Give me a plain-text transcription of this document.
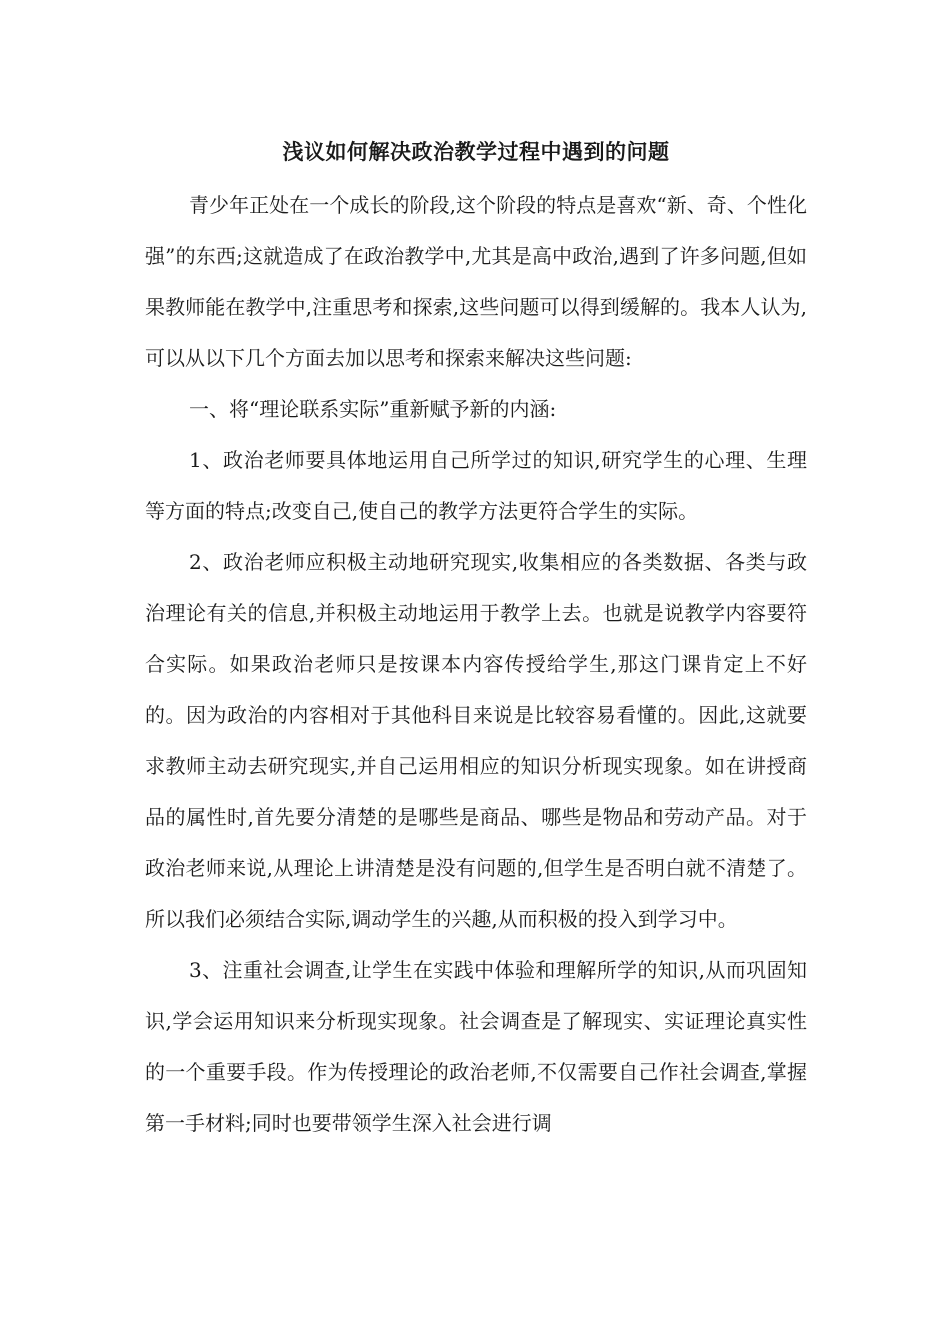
浅议如何解决政治教学过程中遇到的问题

青少年正处在一个成长的阶段,这个阶段的特点是喜欢“新、奇、个性化强”的东西;这就造成了在政治教学中,尤其是高中政治,遇到了许多问题,但如果教师能在教学中,注重思考和探索,这些问题可以得到缓解的。我本人认为,可以从以下几个方面去加以思考和探索来解决这些问题:

一、将“理论联系实际”重新赋予新的内涵:

1、政治老师要具体地运用自己所学过的知识,研究学生的心理、生理等方面的特点;改变自己,使自己的教学方法更符合学生的实际。

2、政治老师应积极主动地研究现实,收集相应的各类数据、各类与政治理论有关的信息,并积极主动地运用于教学上去。也就是说教学内容要符合实际。如果政治老师只是按课本内容传授给学生,那这门课肯定上不好的。因为政治的内容相对于其他科目来说是比较容易看懂的。因此,这就要求教师主动去研究现实,并自己运用相应的知识分析现实现象。如在讲授商品的属性时,首先要分清楚的是哪些是商品、哪些是物品和劳动产品。对于政治老师来说,从理论上讲清楚是没有问题的,但学生是否明白就不清楚了。所以我们必须结合实际,调动学生的兴趣,从而积极的投入到学习中。

3、注重社会调查,让学生在实践中体验和理解所学的知识,从而巩固知识,学会运用知识来分析现实现象。社会调查是了解现实、实证理论真实性的一个重要手段。作为传授理论的政治老师,不仅需要自己作社会调查,掌握第一手材料;同时也要带领学生深入社会进行调
